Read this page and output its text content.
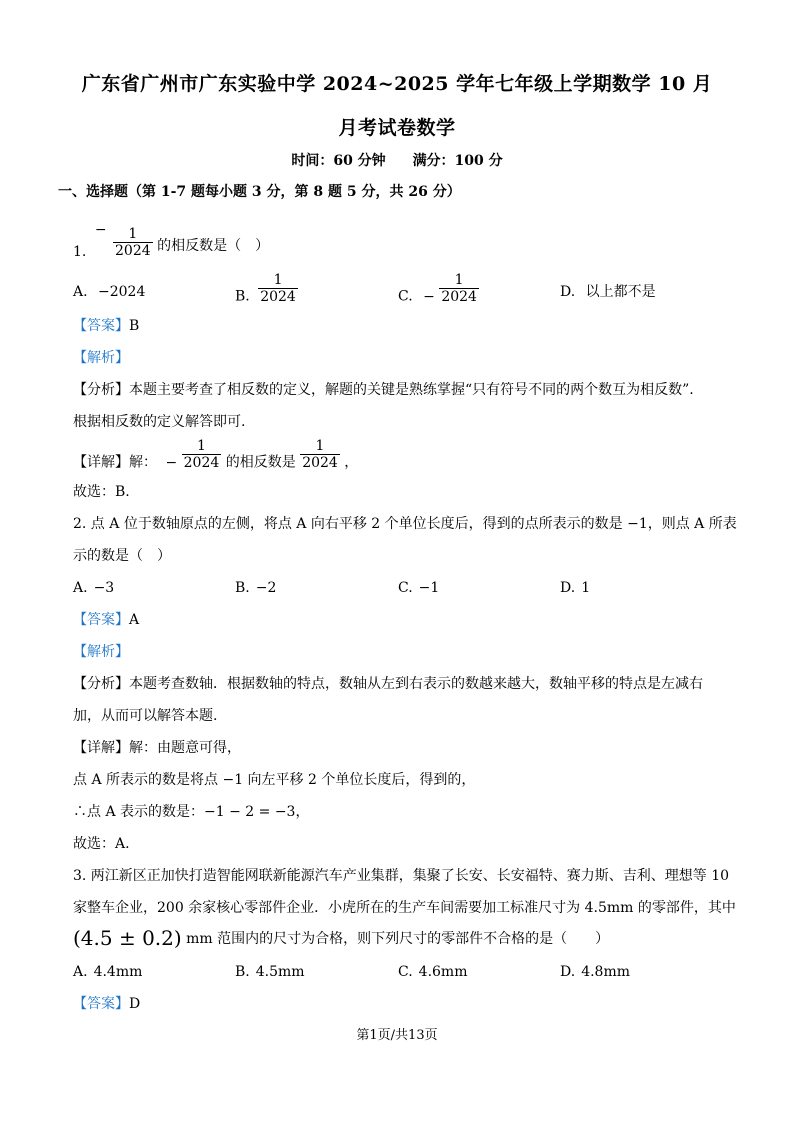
广东省广州市广东实验中学 2024~2025 学年七年级上学期数学 10 月
月考试卷数学
时间：60 分钟 满分：100 分
一、选择题（第 1-7 题每小题 3 分，第 8 题 5 分，共 26 分）
1. − $\frac{1}{2024}$ 的相反数是（　）
A. −2024	B. $\frac{1}{2024}$	C. − $\frac{1}{2024}$	D. 以上都不是
【答案】B
【解析】
【分析】本题主要考查了相反数的定义，解题的关键是熟练掌握“只有符号不同的两个数互为相反数”.
根据相反数的定义解答即可.
【详解】解： − $\frac{1}{2024}$ 的相反数是 $\frac{1}{2024}$ ，
故选：B.
2. 点 A 位于数轴原点的左侧，将点 A 向右平移 2 个单位长度后，得到的点所表示的数是 −1，则点 A 所表
示的数是（　）
A. −3	B. −2	C. −1	D. 1
【答案】A
【解析】
【分析】本题考查数轴．根据数轴的特点，数轴从左到右表示的数越来越大，数轴平移的特点是左减右
加，从而可以解答本题.
【详解】解：由题意可得，
点 A 所表示的数是将点 −1 向左平移 2 个单位长度后，得到的，
∴点 A 表示的数是：−1 − 2 = −3，
故选：A.
3. 两江新区正加快打造智能网联新能源汽车产业集群，集聚了长安、长安福特、赛力斯、吉利、理想等 10
家整车企业，200 余家核心零部件企业．小虎所在的生产车间需要加工标准尺寸为 4.5mm 的零部件，其中
(4.5 ± 0.2) mm 范围内的尺寸为合格，则下列尺寸的零部件不合格的是（　　）
A. 4.4mm	B. 4.5mm	C. 4.6mm	D. 4.8mm
【答案】D
第1页/共13页
